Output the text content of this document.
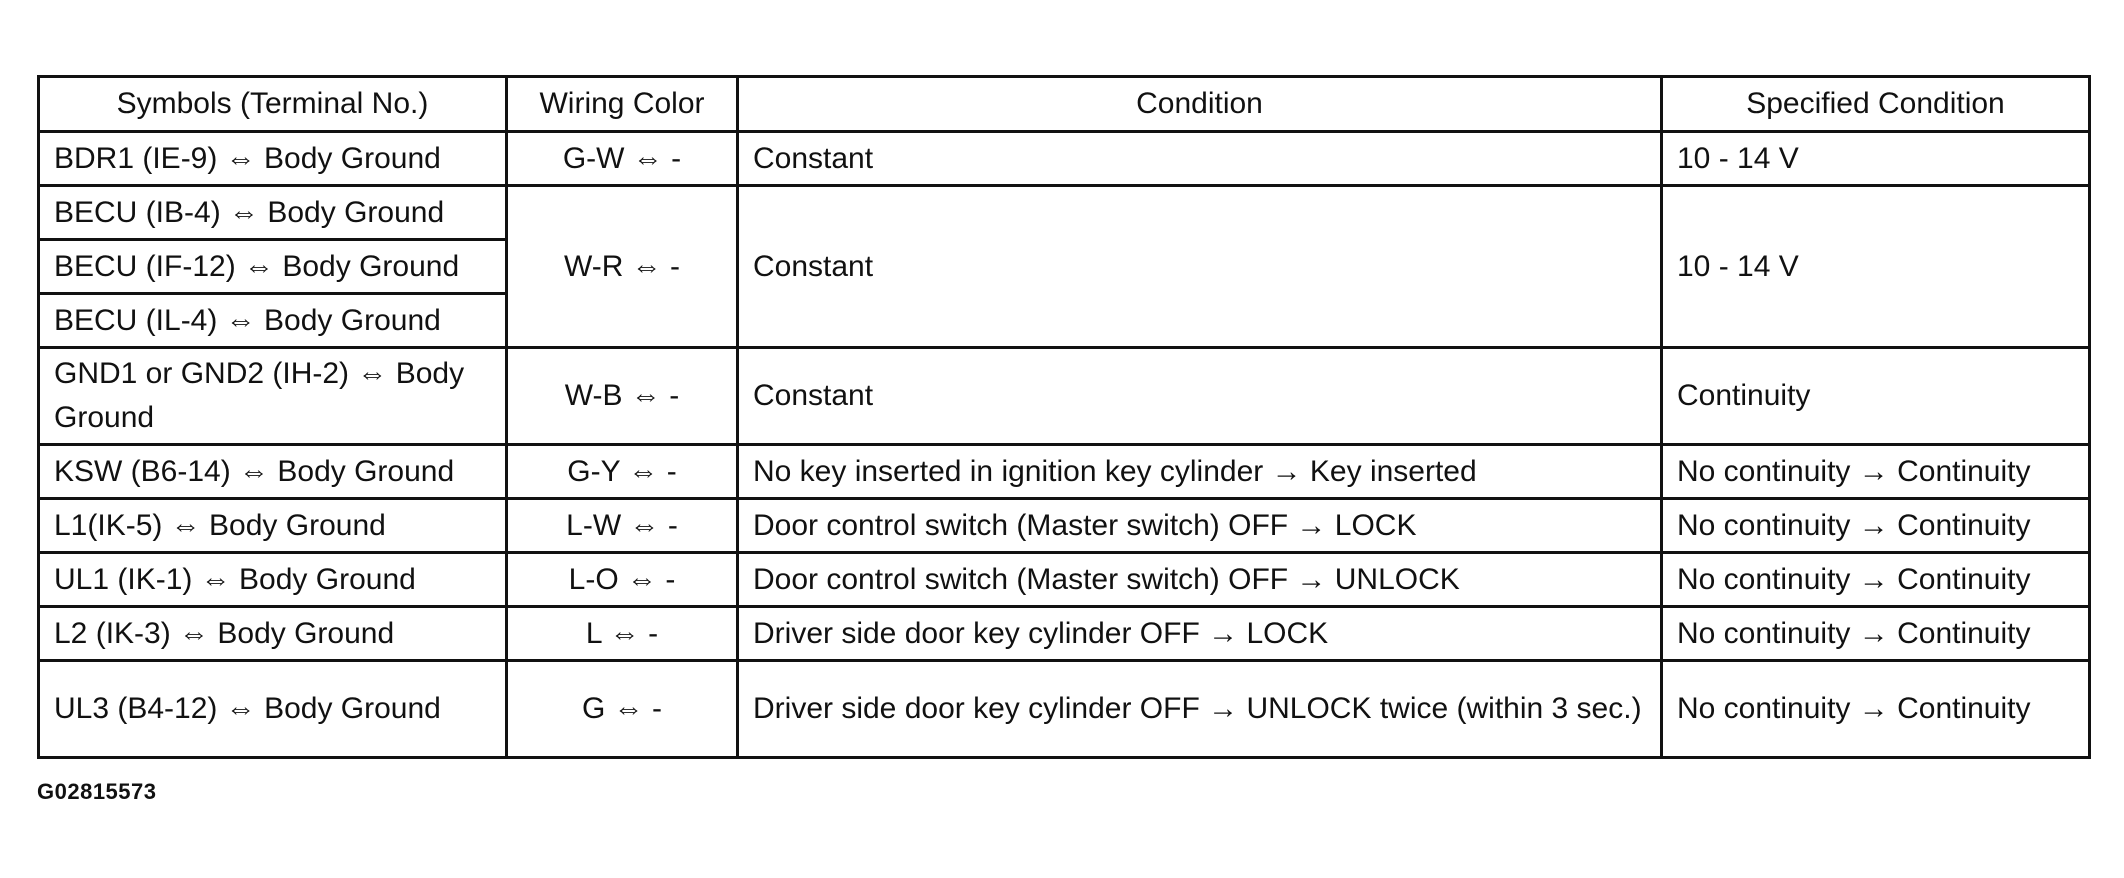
Symbols (Terminal No.)	Wiring Color	Condition	Specified Condition
BDR1 (IE-9) ⇔ Body Ground	G-W ⇔ -	Constant	10 - 14 V
BECU (IB-4) ⇔ Body Ground	W-R ⇔ -	Constant	10 - 14 V
BECU (IF-12) ⇔ Body Ground			
BECU (IL-4) ⇔ Body Ground			
GND1 or GND2 (IH-2) ⇔ Body Ground	W-B ⇔ -	Constant	Continuity
KSW (B6-14) ⇔ Body Ground	G-Y ⇔ -	No key inserted in ignition key cylinder → Key inserted	No continuity → Continuity
L1(IK-5) ⇔ Body Ground	L-W ⇔ -	Door control switch (Master switch) OFF → LOCK	No continuity → Continuity
UL1 (IK-1) ⇔ Body Ground	L-O ⇔ -	Door control switch (Master switch) OFF → UNLOCK	No continuity → Continuity
L2 (IK-3) ⇔ Body Ground	L ⇔ -	Driver side door key cylinder OFF → LOCK	No continuity → Continuity
UL3 (B4-12) ⇔ Body Ground	G ⇔ -	Driver side door key cylinder OFF → UNLOCK twice (within 3 sec.)	No continuity → Continuity
G02815573
